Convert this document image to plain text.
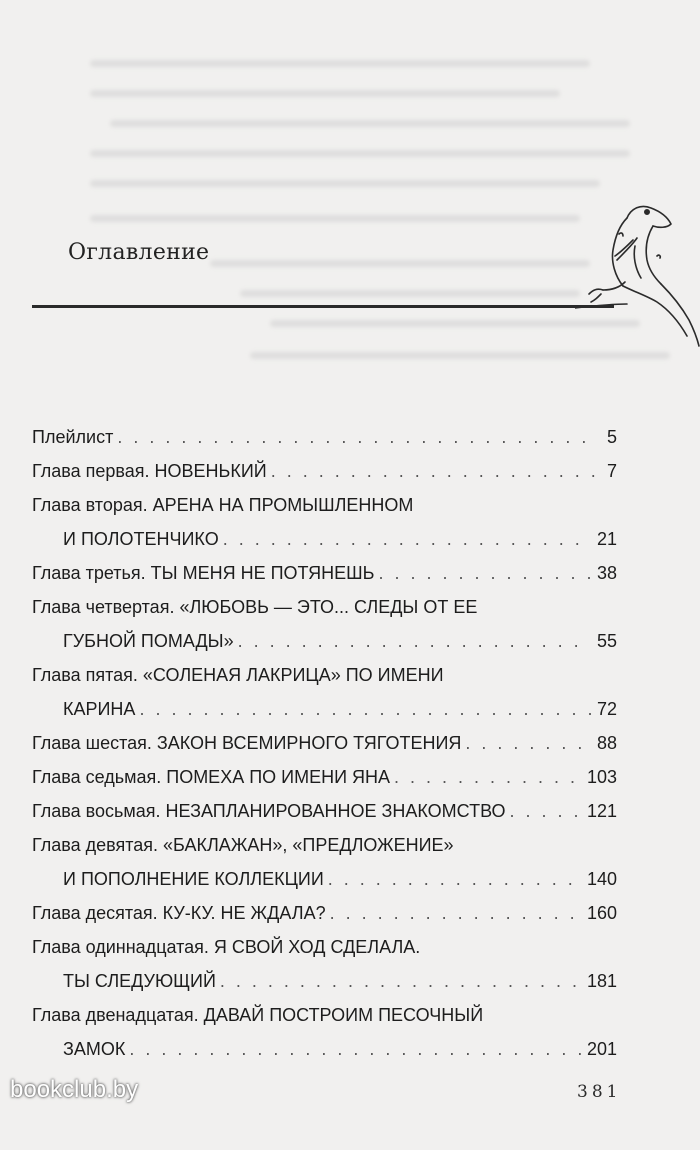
Оглавление
Плейлист . . .	5
Глава первая. НОВЕНЬКИЙ . . .	7
Глава вторая. АРЕНА НА ПРОМЫШЛЕННОМ
И ПОЛОТЕНЧИКО . . .	21
Глава третья. ТЫ МЕНЯ НЕ ПОТЯНЕШЬ . . .	38
Глава четвертая. «ЛЮБОВЬ — ЭТО... СЛЕДЫ ОТ ЕЕ
ГУБНОЙ ПОМАДЫ» . . .	55
Глава пятая. «СОЛЕНАЯ ЛАКРИЦА» ПО ИМЕНИ
КАРИНА . . .	72
Глава шестая. ЗАКОН ВСЕМИРНОГО ТЯГОТЕНИЯ . . .	88
Глава седьмая. ПОМЕХА ПО ИМЕНИ ЯНА . . .	103
Глава восьмая. НЕЗАПЛАНИРОВАННОЕ ЗНАКОМСТВО . . .	121
Глава девятая. «БАКЛАЖАН», «ПРЕДЛОЖЕНИЕ»
И ПОПОЛНЕНИЕ КОЛЛЕКЦИИ . . .	140
Глава десятая. КУ-КУ. НЕ ЖДАЛА? . . .	160
Глава одиннадцатая. Я СВОЙ ХОД СДЕЛАЛА.
ТЫ СЛЕДУЮЩИЙ . . .	181
Глава двенадцатая. ДАВАЙ ПОСТРОИМ ПЕСОЧНЫЙ
ЗАМОК . . .	201
381
bookclub.by
